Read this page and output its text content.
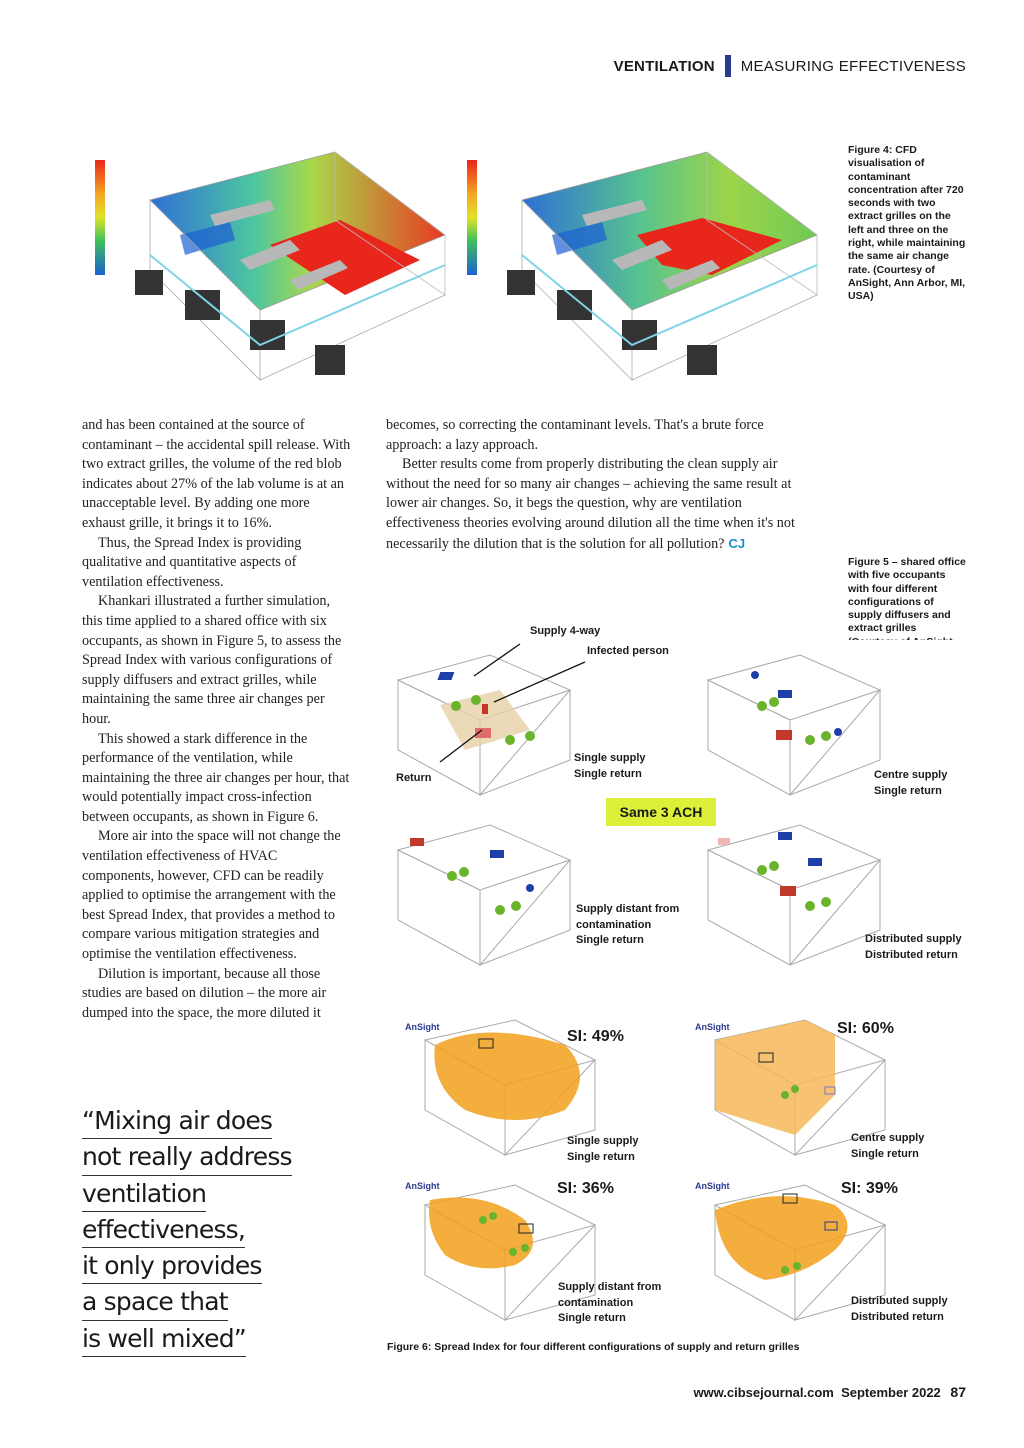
VENTILATION MEASURING EFFECTIVENESS
Figure 4: CFD visualisation of contaminant concentration after 720 seconds with two extract grilles on the left and three on the right, while maintaining the same air change rate. (Courtesy of AnSight, Ann Arbor, MI, USA)

and has been contained at the source of contaminant – the accidental spill release. With two extract grilles, the volume of the red blob indicates about 27% of the lab volume is at an unacceptable level. By adding one more exhaust grille, it brings it to 16%.

Thus, the Spread Index is providing qualitative and quantitative aspects of ventilation effectiveness.

Khankari illustrated a further simulation, this time applied to a shared office with six occupants, as shown in Figure 5, to assess the Spread Index with various configurations of supply diffusers and extract grilles, while maintaining the same three air changes per hour.

This showed a stark difference in the performance of the ventilation, while maintaining the three air changes per hour, that would potentially impact cross-infection between occupants, as shown in Figure 6.

More air into the space will not change the ventilation effectiveness of HVAC components, however, CFD can be readily applied to optimise the arrangement with the best Spread Index, that provides a method to compare various mitigation strategies and optimise the ventilation effectiveness.

Dilution is important, because all those studies are based on dilution – the more air dumped into the space, the more diluted it

becomes, so correcting the contaminant levels. That's a brute force approach: a lazy approach.

Better results come from properly distributing the clean supply air without the need for so many air changes – achieving the same result at lower air changes. So, it begs the question, why are ventilation effectiveness theories evolving around dilution all the time when it's not necessarily the dilution that is the solution for all pollution? CJ

Figure 5 – shared office with five occupants with four different configurations of supply diffusers and extract grilles (Courtesy of AnSight, Ann Arbor, MI, USA)
Supply 4-way
Infected person
Return
Single supply
Single return	Centre supply
Single return
Supply distant from
contamination
Single return	Distributed supply
Distributed return
Same 3 ACH
AnSight	AnSight
AnSight	AnSight
SI: 49%	SI: 60%
SI: 36%	SI: 39%
Single supply
Single return
Centre supply
Single return
Supply distant from
contamination
Single return
Distributed supply
Distributed return
Figure 6: Spread Index for four different configurations of supply and return grilles
“Mixing air does
not really address
ventilation
effectiveness,
it only provides
a space that
is well mixed”
www.cibsejournal.com September 2022 87
